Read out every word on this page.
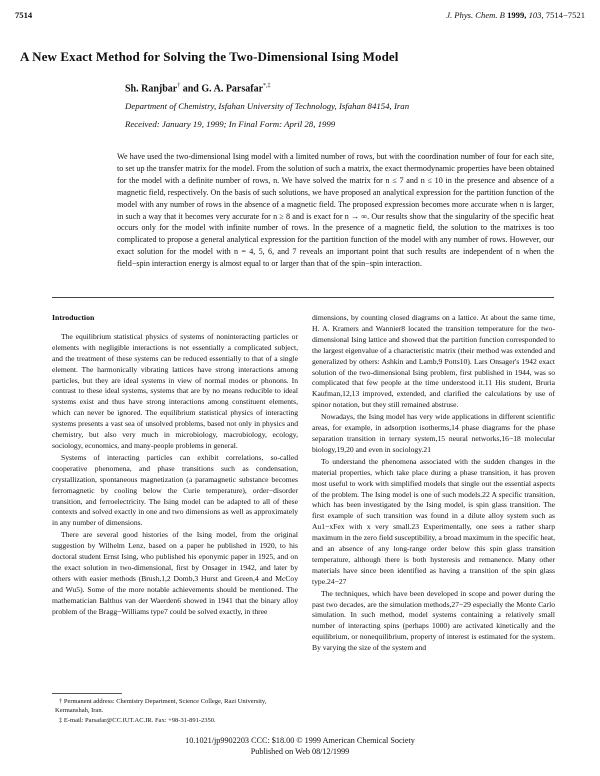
7514	J. Phys. Chem. B 1999, 103, 7514−7521
A New Exact Method for Solving the Two-Dimensional Ising Model
Sh. Ranjbar† and G. A. Parsafar*,‡
Department of Chemistry, Isfahan University of Technology, Isfahan 84154, Iran
Received: January 19, 1999; In Final Form: April 28, 1999
We have used the two-dimensional Ising model with a limited number of rows, but with the coordination number of four for each site, to set up the transfer matrix for the model. From the solution of such a matrix, the exact thermodynamic properties have been obtained for the model with a definite number of rows, n. We have solved the matrix for n ≤ 7 and n ≤ 10 in the presence and absence of a magnetic field, respectively. On the basis of such solutions, we have proposed an analytical expression for the partition function of the model with any number of rows in the absence of a magnetic field. The proposed expression becomes more accurate when n is larger, in such a way that it becomes very accurate for n ≥ 8 and is exact for n → ∞. Our results show that the singularity of the specific heat occurs only for the model with infinite number of rows. In the presence of a magnetic field, the solution to the matrixes is too complicated to propose a general analytical expression for the partition function of the model with any number of rows. However, our exact solution for the model with n = 4, 5, 6, and 7 reveals an important point that such results are independent of n when the field−spin interaction energy is almost equal to or larger than that of the spin−spin interaction.
Introduction

The equilibrium statistical physics of systems of noninteracting particles or elements with negligible interactions is not essentially a complicated subject, and the treatment of these systems can be reduced essentially to that of a single element. The harmonically vibrating lattices have strong interactions among particles, but they are ideal systems in view of normal modes or phonons. In contrast to these ideal systems, systems that are by no means reducible to ideal systems exist and thus have strong interactions among constituent elements, which can never be ignored. The equilibrium statistical physics of interacting systems presents a vast sea of unsolved problems, based not only in physics and chemistry, but also very much in microbiology, macrobiology, ecology, sociology, economics, and many-people problems in general.

Systems of interacting particles can exhibit correlations, so-called cooperative phenomena, and phase transitions such as condensation, crystallization, spontaneous magnetization (a paramagnetic substance becomes ferromagnetic by cooling below the Curie temperature), order−disorder transition, and ferroelectricity. The Ising model can be adapted to all of these contexts and solved exactly in one and two dimensions as well as approximately in any number of dimensions.

There are several good histories of the Ising model, from the original suggestion by Wilhelm Lenz, based on a paper he published in 1920, to his doctoral student Ernst Ising, who published his eponymic paper in 1925, and on the exact solution in two-dimensional, first by Onsager in 1942, and later by others with easier methods (Brush,1,2 Domb,3 Hurst and Green,4 and McCoy and Wu5). Some of the more notable achievements should be mentioned. The mathematician Balthus van der Waerden6 showed in 1941 that the binary alloy problem of the Bragg−Williams type7 could be solved exactly, in three

dimensions, by counting closed diagrams on a lattice. At about the same time, H. A. Kramers and Wannier8 located the transition temperature for the two-dimensional Ising lattice and showed that the partition function corresponded to the largest eigenvalue of a characteristic matrix (their method was extended and generalized by others: Ashkin and Lamb,9 Potts10). Lars Onsager's 1942 exact solution of the two-dimensional Ising problem, first published in 1944, was so complicated that few people at the time understood it.11 His student, Bruria Kaufman,12,13 improved, extended, and clarified the calculations by use of spinor notation, but they still remained abstruse.

Nowadays, the Ising model has very wide applications in different scientific areas, for example, in adsorption isotherms,14 phase diagrams for the phase separation transition in ternary system,15 neural networks,16−18 molecular biology,19,20 and even in sociology.21

To understand the phenomena associated with the sudden changes in the material properties, which take place during a phase transition, it has proven most useful to work with simplified models that single out the essential aspects of the problem. The Ising model is one of such models.22 A specific transition, which has been investigated by the Ising model, is spin glass transition. The first example of such transition was found in a dilute alloy system such as Au1−xFex with x very small.23 Experimentally, one sees a rather sharp maximum in the zero field susceptibility, a broad maximum in the specific heat, and an absence of any long-range order below this spin glass transition temperature, although there is both hysteresis and remanence. Many other materials have since been identified as having a transition of the spin glass type.24−27

The techniques, which have been developed in scope and power during the past two decades, are the simulation methods,27−29 especially the Monte Carlo simulation. In such method, model systems containing a relatively small number of interacting spins (perhaps 1000) are activated kinetically and the equilibrium, or nonequilibrium, property of interest is estimated for the system. By varying the size of the system and

† Permanent address: Chemistry Department, Science College, Razi University, Kermanshah, Iran.
‡ E-mail: Parsafar@CC.IUT.AC.IR. Fax: +98-31-891-2350.
10.1021/jp9902203 CCC: $18.00 © 1999 American Chemical Society
Published on Web 08/12/1999
